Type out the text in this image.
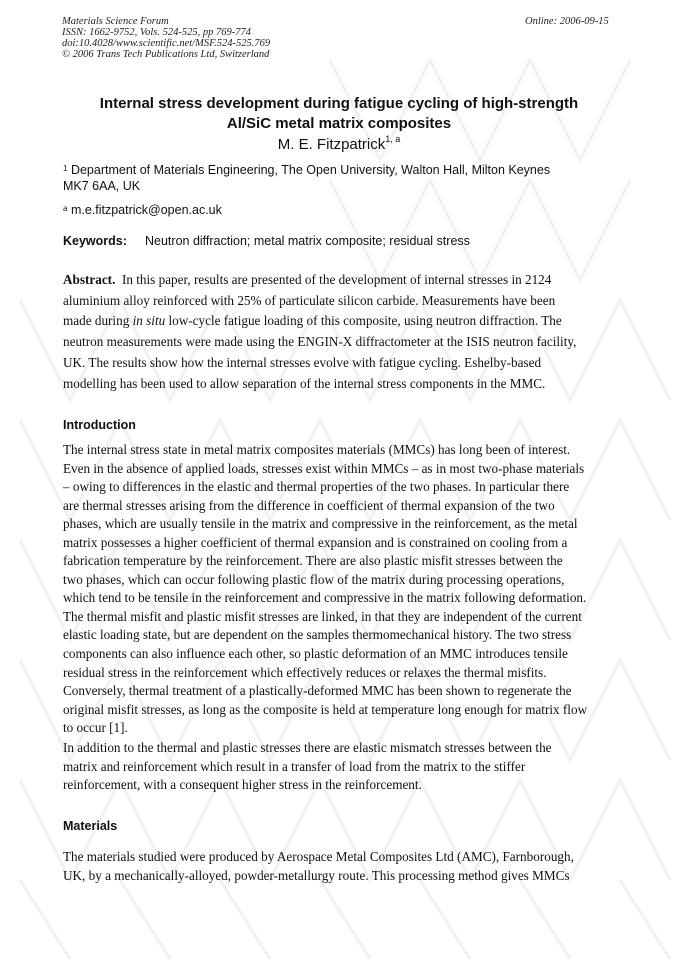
Materials Science Forum
ISSN: 1662-9752, Vols. 524-525, pp 769-774
doi:10.4028/www.scientific.net/MSF.524-525.769
© 2006 Trans Tech Publications Ltd, Switzerland
Online: 2006-09-15
Internal stress development during fatigue cycling of high-strength
Al/SiC metal matrix composites
M. E. Fitzpatrick$^{1, a}$
$^1$ Department of Materials Engineering, The Open University, Walton Hall, Milton Keynes
MK7 6AA, UK
$^a$ m.e.fitzpatrick@open.ac.uk
Keywords: Neutron diffraction; metal matrix composite; residual stress
Abstract. In this paper, results are presented of the development of internal stresses in 2124
aluminium alloy reinforced with 25% of particulate silicon carbide. Measurements have been
made during in situ low-cycle fatigue loading of this composite, using neutron diffraction. The
neutron measurements were made using the ENGIN-X diffractometer at the ISIS neutron facility,
UK. The results show how the internal stresses evolve with fatigue cycling. Eshelby-based
modelling has been used to allow separation of the internal stress components in the MMC.
Introduction
The internal stress state in metal matrix composites materials (MMCs) has long been of interest.
Even in the absence of applied loads, stresses exist within MMCs – as in most two-phase materials
– owing to differences in the elastic and thermal properties of the two phases. In particular there
are thermal stresses arising from the difference in coefficient of thermal expansion of the two
phases, which are usually tensile in the matrix and compressive in the reinforcement, as the metal
matrix possesses a higher coefficient of thermal expansion and is constrained on cooling from a
fabrication temperature by the reinforcement. There are also plastic misfit stresses between the
two phases, which can occur following plastic flow of the matrix during processing operations,
which tend to be tensile in the reinforcement and compressive in the matrix following deformation.
The thermal misfit and plastic misfit stresses are linked, in that they are independent of the current
elastic loading state, but are dependent on the samples thermomechanical history. The two stress
components can also influence each other, so plastic deformation of an MMC introduces tensile
residual stress in the reinforcement which effectively reduces or relaxes the thermal misfits.
Conversely, thermal treatment of a plastically-deformed MMC has been shown to regenerate the
original misfit stresses, as long as the composite is held at temperature long enough for matrix flow
to occur [1].
In addition to the thermal and plastic stresses there are elastic mismatch stresses between the
matrix and reinforcement which result in a transfer of load from the matrix to the stiffer
reinforcement, with a consequent higher stress in the reinforcement.
Materials
The materials studied were produced by Aerospace Metal Composites Ltd (AMC), Farnborough,
UK, by a mechanically-alloyed, powder-metallurgy route. This processing method gives MMCs
